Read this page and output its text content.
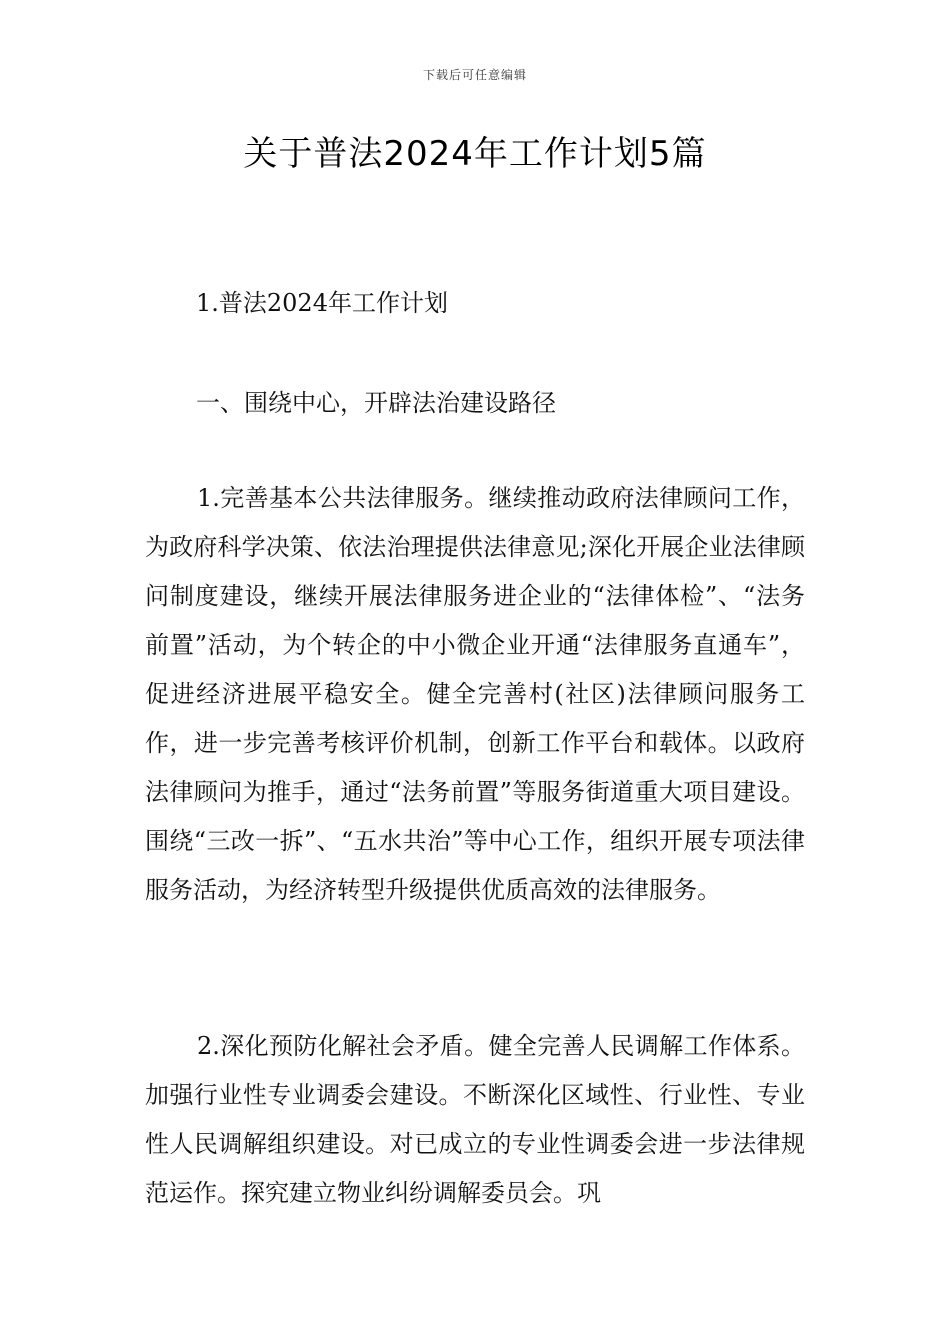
下载后可任意编辑
关于普法2024年工作计划5篇
1.普法2024年工作计划
一、围绕中心，开辟法治建设路径

1.完善基本公共法律服务。继续推动政府法律顾问工作，为政府科学决策、依法治理提供法律意见;深化开展企业法律顾问制度建设，继续开展法律服务进企业的“法律体检”、“法务前置”活动，为个转企的中小微企业开通“法律服务直通车”，促进经济进展平稳安全。健全完善村(社区)法律顾问服务工作，进一步完善考核评价机制，创新工作平台和载体。以政府法律顾问为推手，通过“法务前置”等服务街道重大项目建设。围绕“三改一拆”、“五水共治”等中心工作，组织开展专项法律服务活动，为经济转型升级提供优质高效的法律服务。

2.深化预防化解社会矛盾。健全完善人民调解工作体系。加强行业性专业调委会建设。不断深化区域性、行业性、专业性人民调解组织建设。对已成立的专业性调委会进一步法律规范运作。探究建立物业纠纷调解委员会。巩
